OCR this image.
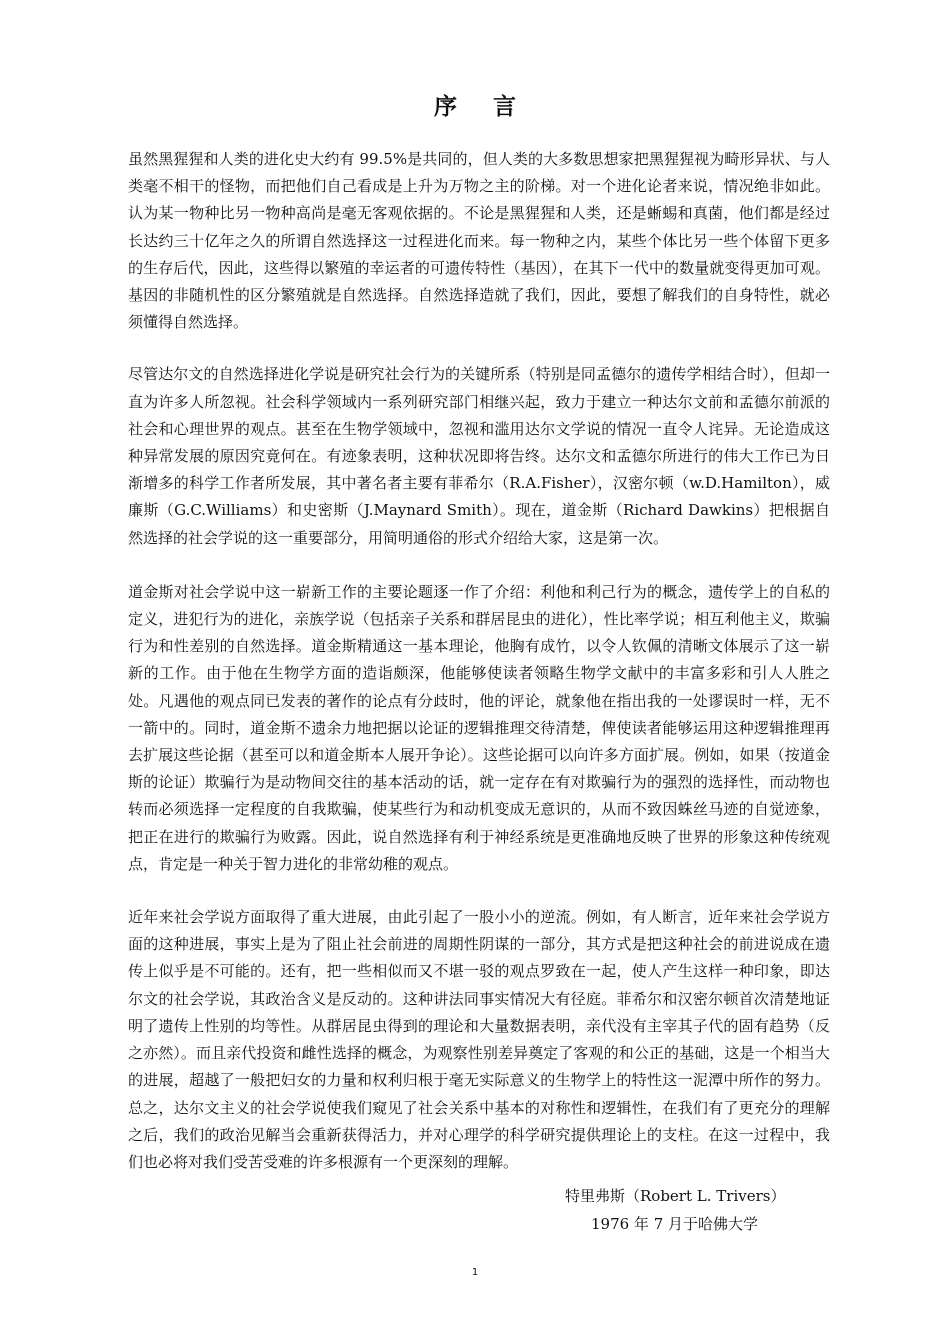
序 言

虽然黑猩猩和人类的进化史大约有 99.5%是共同的，但人类的大多数思想家把黑猩猩视为畸形异状、与人类毫不相干的怪物，而把他们自己看成是上升为万物之主的阶梯。对一个进化论者来说，情况绝非如此。认为某一物种比另一物种高尚是毫无客观依据的。不论是黑猩猩和人类，还是蜥蜴和真菌，他们都是经过长达约三十亿年之久的所谓自然选择这一过程进化而来。每一物种之内，某些个体比另一些个体留下更多的生存后代，因此，这些得以繁殖的幸运者的可遗传特性（基因），在其下一代中的数量就变得更加可观。基因的非随机性的区分繁殖就是自然选择。自然选择造就了我们，因此，要想了解我们的自身特性，就必须懂得自然选择。

尽管达尔文的自然选择进化学说是研究社会行为的关键所系（特别是同孟德尔的遗传学相结合时），但却一直为许多人所忽视。社会科学领域内一系列研究部门相继兴起，致力于建立一种达尔文前和孟德尔前派的社会和心理世界的观点。甚至在生物学领域中，忽视和滥用达尔文学说的情况一直令人诧异。无论造成这种异常发展的原因究竟何在。有迹象表明，这种状况即将告终。达尔文和孟德尔所进行的伟大工作已为日渐增多的科学工作者所发展，其中著名者主要有菲希尔（R.A.Fisher），汉密尔顿（w.D.Hamilton），威廉斯（G.C.Williams）和史密斯（J.Maynard Smith）。现在，道金斯（Richard Dawkins）把根据自然选择的社会学说的这一重要部分，用简明通俗的形式介绍给大家，这是第一次。

道金斯对社会学说中这一崭新工作的主要论题逐一作了介绍：利他和利己行为的概念，遗传学上的自私的定义，进犯行为的进化，亲族学说（包括亲子关系和群居昆虫的进化），性比率学说；相互利他主义，欺骗行为和性差别的自然选择。道金斯精通这一基本理论，他胸有成竹，以令人钦佩的清晰文体展示了这一崭新的工作。由于他在生物学方面的造诣颇深，他能够使读者领略生物学文献中的丰富多彩和引人人胜之处。凡遇他的观点同已发表的著作的论点有分歧时，他的评论，就象他在指出我的一处谬误时一样，无不一箭中的。同时，道金斯不遗余力地把据以论证的逻辑推理交待清楚，俾使读者能够运用这种逻辑推理再去扩展这些论据（甚至可以和道金斯本人展开争论）。这些论据可以向许多方面扩展。例如，如果（按道金斯的论证）欺骗行为是动物间交往的基本活动的话，就一定存在有对欺骗行为的强烈的选择性，而动物也转而必须选择一定程度的自我欺骗，使某些行为和动机变成无意识的，从而不致因蛛丝马迹的自觉迹象，把正在进行的欺骗行为败露。因此，说自然选择有利于神经系统是更准确地反映了世界的形象这种传统观点，肯定是一种关于智力进化的非常幼稚的观点。

近年来社会学说方面取得了重大进展，由此引起了一股小小的逆流。例如，有人断言，近年来社会学说方面的这种进展，事实上是为了阻止社会前进的周期性阴谋的一部分，其方式是把这种社会的前进说成在遗传上似乎是不可能的。还有，把一些相似而又不堪一驳的观点罗致在一起，使人产生这样一种印象，即达尔文的社会学说，其政治含义是反动的。这种讲法同事实情况大有径庭。菲希尔和汉密尔顿首次清楚地证明了遗传上性别的均等性。从群居昆虫得到的理论和大量数据表明，亲代没有主宰其子代的固有趋势（反之亦然）。而且亲代投资和雌性选择的概念，为观察性别差异奠定了客观的和公正的基础，这是一个相当大的进展，超越了一般把妇女的力量和权利归根于毫无实际意义的生物学上的特性这一泥潭中所作的努力。总之，达尔文主义的社会学说使我们窥见了社会关系中基本的对称性和逻辑性，在我们有了更充分的理解之后，我们的政治见解当会重新获得活力，并对心理学的科学研究提供理论上的支柱。在这一过程中，我们也必将对我们受苦受难的许多根源有一个更深刻的理解。

特里弗斯（Robert L. Trivers）
1976 年 7 月于哈佛大学
1
